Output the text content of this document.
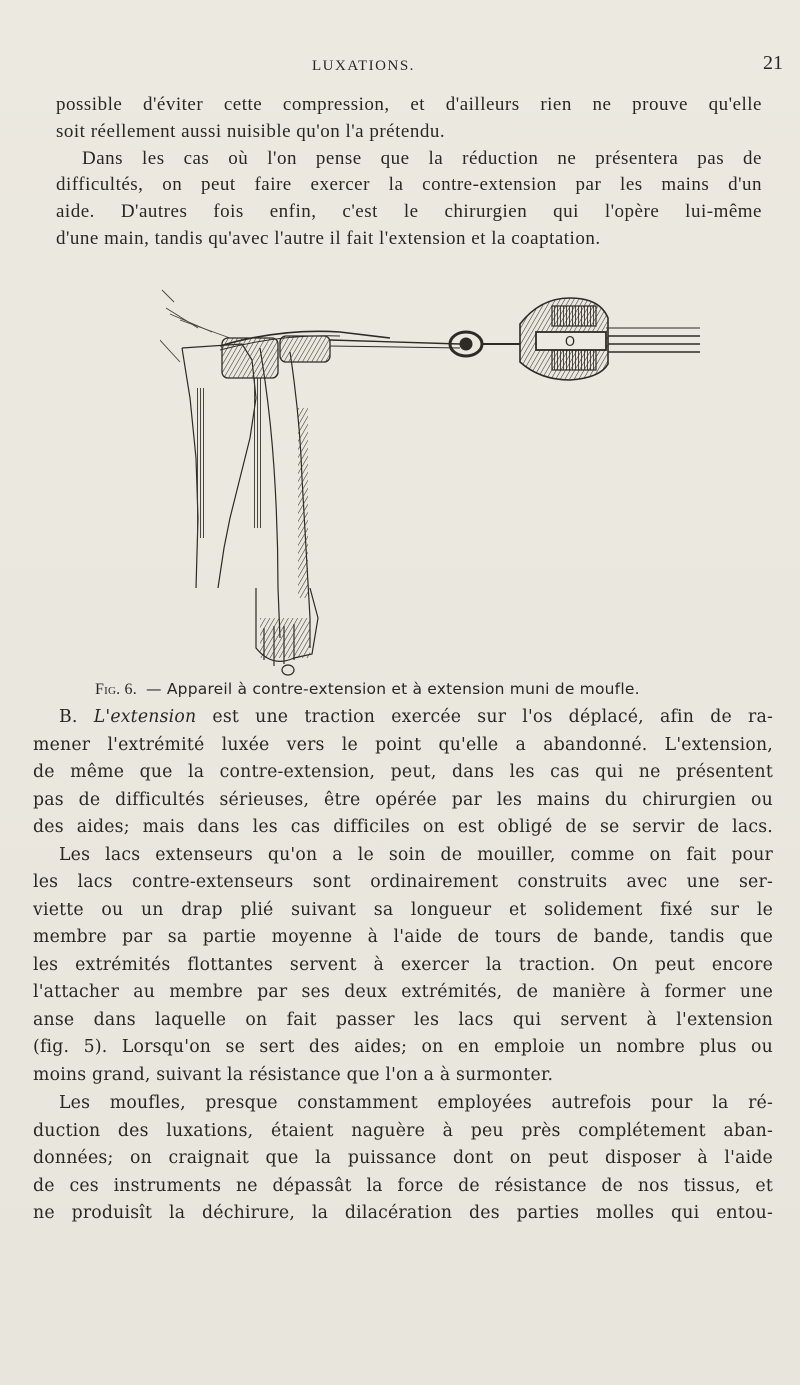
LUXATIONS.	21
possible d'éviter cette compression, et d'ailleurs rien ne prouve qu'elle
soit réellement aussi nuisible qu'on l'a prétendu.
Dans les cas où l'on pense que la réduction ne présentera pas de
difficultés, on peut faire exercer la contre-extension par les mains d'un
aide. D'autres fois enfin, c'est le chirurgien qui l'opère lui-même
d'une main, tandis qu'avec l'autre il fait l'extension et la coaptation.
O
Fig. 6. — Appareil à contre-extension et à extension muni de moufle.
B. L'extension est une traction exercée sur l'os déplacé, afin de ra-
mener l'extrémité luxée vers le point qu'elle a abandonné. L'extension,
de même que la contre-extension, peut, dans les cas qui ne présentent
pas de difficultés sérieuses, être opérée par les mains du chirurgien ou
des aides; mais dans les cas difficiles on est obligé de se servir de lacs.
Les lacs extenseurs qu'on a le soin de mouiller, comme on fait pour
les lacs contre-extenseurs sont ordinairement construits avec une ser-
viette ou un drap plié suivant sa longueur et solidement fixé sur le
membre par sa partie moyenne à l'aide de tours de bande, tandis que
les extrémités flottantes servent à exercer la traction. On peut encore
l'attacher au membre par ses deux extrémités, de manière à former une
anse dans laquelle on fait passer les lacs qui servent à l'extension
(fig. 5). Lorsqu'on se sert des aides; on en emploie un nombre plus ou
moins grand, suivant la résistance que l'on a à surmonter.
Les moufles, presque constamment employées autrefois pour la ré-
duction des luxations, étaient naguère à peu près complétement aban-
données; on craignait que la puissance dont on peut disposer à l'aide
de ces instruments ne dépassât la force de résistance de nos tissus, et
ne produisît la déchirure, la dilacération des parties molles qui entou-
